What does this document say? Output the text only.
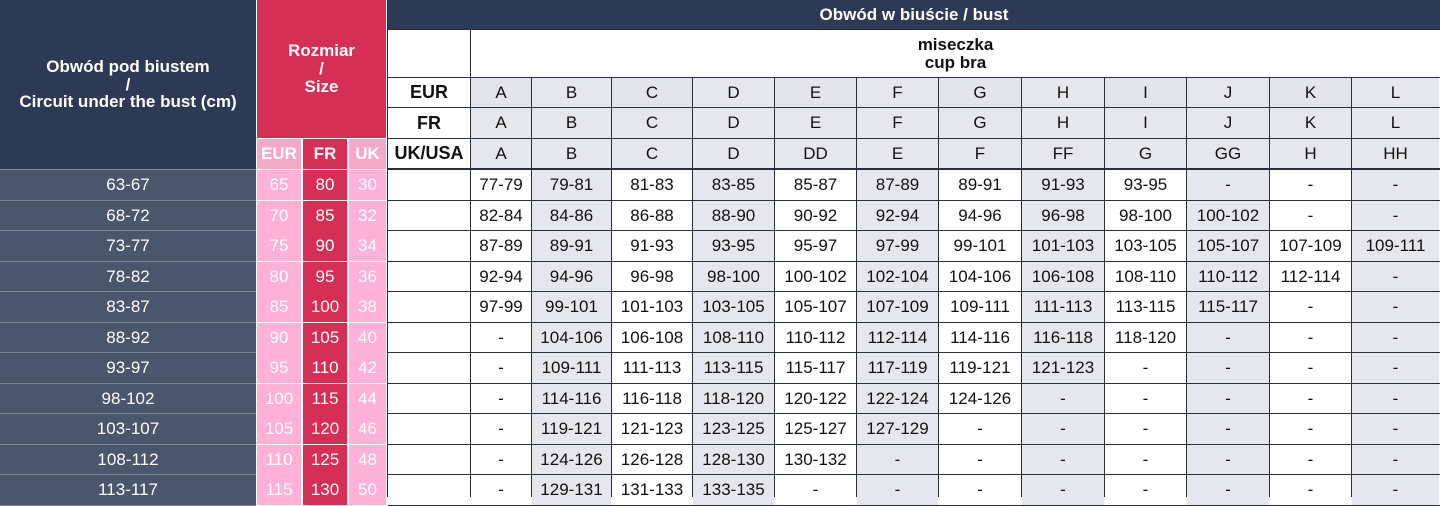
Obwód pod biustem
/
Circuit under the bust (cm)
Rozmiar
/
Size
EUR FR	UK
Obwód w biuście / bust
miseczka
cup bra
EUR
FR
UK/USA
A	B	C	D	E	F	G	H	I	J	K	L
A	B	C	D	E	F	G	H	I	J	K	L
A	B	C	D	DD	E	F	FF	G	GG	H	HH
63-67	65	80	30	77-79	79-81	81-83	83-85	85-87	87-89	89-91	91-93	93-95	-	-	-
68-72	70	85	32	82-84	84-86	86-88	88-90	90-92	92-94	94-96	96-98	98-100	100-102	-	-
73-77	75	90	34	87-89	89-91	91-93	93-95	95-97	97-99	99-101	101-103	103-105	105-107	107-109	109-111
78-82	80	95	36	92-94	94-96	96-98	98-100	100-102	102-104	104-106	106-108	108-110	110-112	112-114	-
83-87	85	100	38	97-99	99-101	101-103	103-105	105-107	107-109	109-111	111-113	113-115	115-117	-	-
88-92	90	105	40	-	104-106	106-108	108-110	110-112	112-114	114-116	116-118	118-120	-	-	-
93-97	95	110	42	-	109-111	111-113	113-115	115-117	117-119	119-121	121-123	-	-	-	-
98-102	100	115	44	-	114-116	116-118	118-120	120-122	122-124	124-126	-	-	-	-	-
103-107	105	120	46	-	119-121	121-123	123-125	125-127	127-129	-	-	-	-	-	-
108-112	110	125	48	-	124-126	126-128	128-130	130-132	-	-	-	-	-	-	-
113-117	115	130	50	-	129-131	131-133	133-135	-	-	-	-	-	-	-	-
